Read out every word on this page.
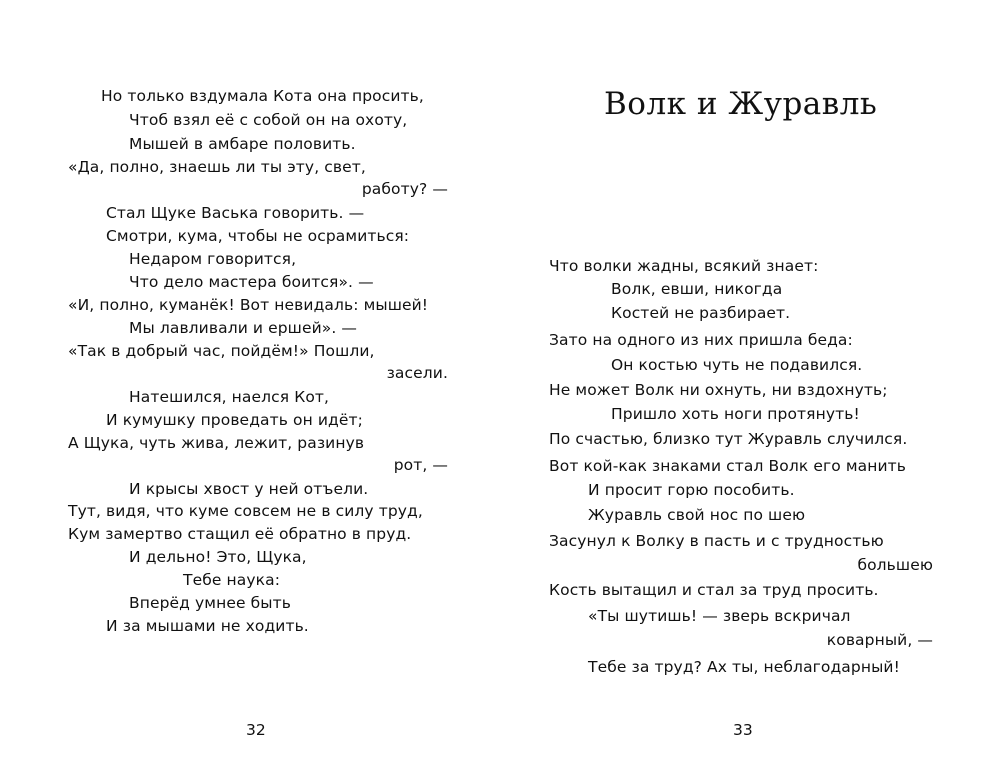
Но только вздумала Кота она просить,
Чтоб взял её с собой он на охоту,
Мышей в амбаре половить.
«Да, полно, знаешь ли ты эту, свет,
работу? —
Стал Щуке Васька говорить. —
Смотри, кума, чтобы не осрамиться:
Недаром говорится,
Что дело мастера боится». —
«И, полно, куманёк! Вот невидаль: мышей!
Мы лавливали и ершей». —
«Так в добрый час, пойдём!» Пошли,
засели.
Натешился, наелся Кот,
И кумушку проведать он идёт;
А Щука, чуть жива, лежит, разинув
рот, —
И крысы хвост у ней отъели.
Тут, видя, что куме совсем не в силу труд,
Кум замертво стащил её обратно в пруд.
И дельно! Это, Щука,
Тебе наука:
Вперёд умнее быть
И за мышами не ходить.
32
Волк и Журавль
Что волки жадны, всякий знает:
Волк, евши, никогда
Костей не разбирает.
Зато на одного из них пришла беда:
Он костью чуть не подавился.
Не может Волк ни охнуть, ни вздохнуть;
Пришло хоть ноги протянуть!
По счастью, близко тут Журавль случился.
Вот кой-как знаками стал Волк его манить
И просит горю пособить.
Журавль свой нос по шею
Засунул к Волку в пасть и с трудностью
большею
Кость вытащил и стал за труд просить.
«Ты шутишь! — зверь вскричал
коварный, —
Тебе за труд? Ах ты, неблагодарный!
33
